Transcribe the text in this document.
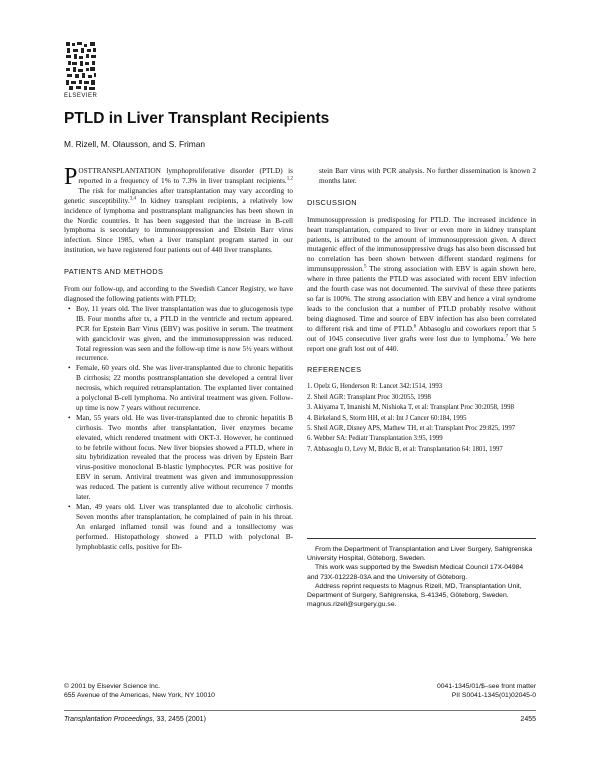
ELSEVIER
PTLD in Liver Transplant Recipients
M. Rizell, M. Olausson, and S. Friman

POSTTRANSPLANTATION lymphoproliferative disorder (PTLD) is reported in a frequency of 1% to 7.3% in liver transplant recipients.$^{1,2}$ The risk for malignancies after transplantation may vary according to genetic susceptibility.$^{3,4}$ In kidney transplant recipients, a relatively low incidence of lymphoma and posttransplant malignancies has been shown in the Nordic countries. It has been suggested that the increase in B-cell lymphoma is secondary to immunosuppression and Ebstein Barr virus infection. Since 1985, when a liver transplant program started in our institution, we have registered four patients out of 440 liver transplants.

PATIENTS AND METHODS

From our follow-up, and according to the Swedish Cancer Registry, we have diagnosed the following patients with PTLD;

• Boy, 11 years old. The liver transplantation was due to glucogenosis type IB. Four months after tx, a PTLD in the ventricle and rectum appeared. PCR for Epstein Barr Virus (EBV) was positive in serum. The treatment with ganciclovir was given, and the immunosuppression was reduced. Total regression was seen and the follow-up time is now 5½ years without recurrence.
• Female, 60 years old. She was liver-transplanted due to chronic hepatitis B cirrhosis; 22 months posttransplantation she developed a central liver necrosis, which required retransplantation. The explanted liver contained a polyclonal B-cell lymphoma. No antiviral treatment was given. Follow-up time is now 7 years without recurrence.
• Man, 55 years old. He was liver-transplanted due to chronic hepatitis B cirrhosis. Two months after transplantation, liver enzymes became elevated, which rendered treatment with OKT-3. However, he continued to be febrile without focus. New liver biopsies showed a PTLD, where in situ hybridization revealed that the process was driven by Epstein Barr virus-positive monoclonal B-blastic lymphocytes. PCR was positive for EBV in serum. Antiviral treatment was given and immunosuppression was reduced. The patient is currently alive without recurrence 7 months later.
• Man, 49 years old. Liver was transplanted due to alcoholic cirrhosis. Seven months after transplantation, he complained of pain in his throat. An enlarged inflamed tonsil was found and a tonsillectomy was performed. Histopathology showed a PTLD with polyclonal B-lymphoblastic cells, positive for Eb-

stein Barr virus with PCR analysis. No further dissemination is known 2 months later.

DISCUSSION

Immunosuppression is predisposing for PTLD. The increased incidence in heart transplantation, compared to liver or even more in kidney transplant patients, is attributed to the amount of immunosuppression given. A direct mutagenic effect of the immunosuppressive drugs has also been discussed but no correlation has been shown between different standard regimens for immunsuppression.$^5$ The strong association with EBV is again shown here, where in three patients the PTLD was associated with recent EBV infection and the fourth case was not documented. The survival of these three patients so far is 100%. The strong association with EBV and hence a viral syndrome leads to the conclusion that a number of PTLD probably resolve without being diagnosed. Time and source of EBV infection has also been correlated to different risk and time of PTLD.$^6$ Abbasoglu and coworkers report that 5 out of 1045 consecutive liver grafts were lost due to lymphoma.$^7$ We here report one graft lost out of 440.

REFERENCES

1. Opelz G, Henderson R: Lancet 342:1514, 1993
2. Sheil AGR: Transplant Proc 30:2055, 1998
3. Akiyama T, Imanishi M, Nishioka T, et al: Transplant Proc 30:2058, 1998
4. Birkeland S, Storm HH, et al: Int J Cancer 60:184, 1995
5. Sheil AGR, Disney APS, Mathew TH, et al: Transplant Proc 29:825, 1997
6. Webber SA: Pediatr Transplantation 3:95, 1999
7. Abbasoglu O, Levy M, Brkic B, et al: Transplantation 64: 1801, 1997

From the Department of Transplantation and Liver Surgery, Sahlgrenska University Hospital, Göteborg, Sweden.

This work was supported by the Swedish Medical Council 17X-04984 and 73X-012228-03A and the University of Göteborg.

Address reprint requests to Magnus Rizell, MD, Transplantation Unit, Department of Surgery, Sahlgrenska, S-41345, Göteborg, Sweden. magnus.rizell@surgery.gu.se.

© 2001 by Elsevier Science Inc.
655 Avenue of the Americas, New York, NY 10010
0041-1345/01/$–see front matter
PII S0041-1345(01)02045-0
Transplantation Proceedings, 33, 2455 (2001)	2455
